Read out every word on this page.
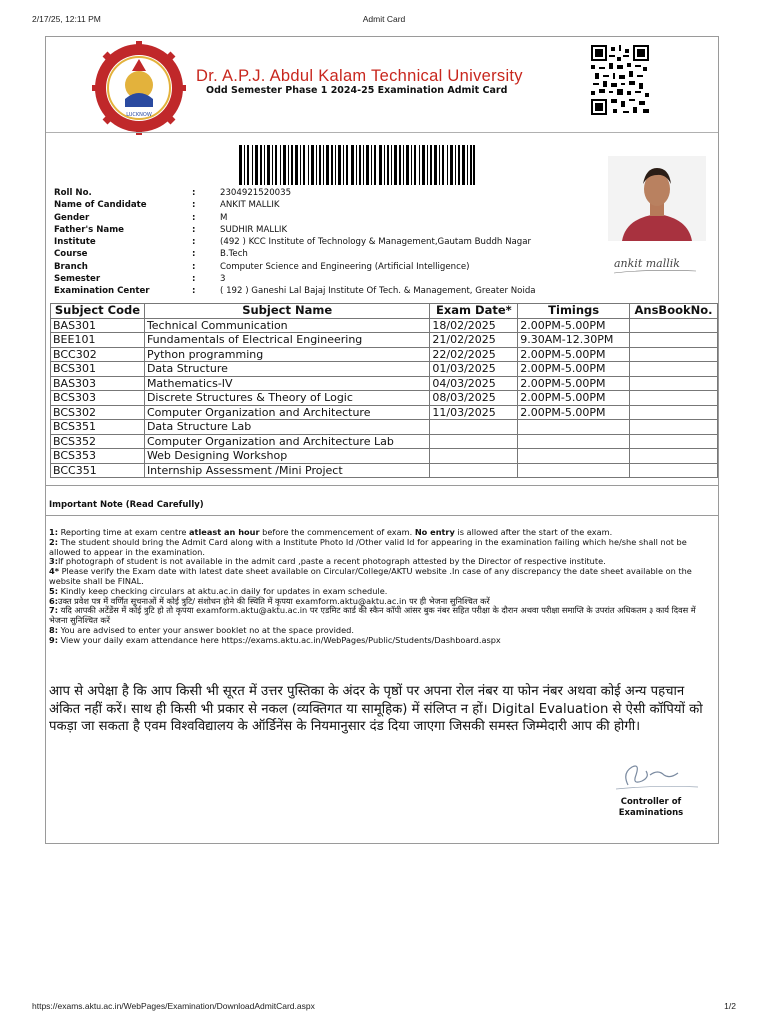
2/17/25, 12:11 PM	Admit Card
LUCKNOW
Dr. A.P.J. Abdul Kalam Technical University
Odd Semester Phase 1 2024-25 Examination Admit Card
ankit mallik
Roll No.	:	2304921520035
Name of Candidate	:	ANKIT MALLIK
Gender	:	M
Father's Name	:	SUDHIR MALLIK
Institute	:	(492 ) KCC Institute of Technology & Management,Gautam Buddh Nagar
Course	:	B.Tech
Branch	:	Computer Science and Engineering (Artificial Intelligence)
Semester	:	3
Examination Center	:	( 192 ) Ganeshi Lal Bajaj Institute Of Tech. & Management, Greater Noida
Subject Code	Subject Name	Exam Date*	Timings	AnsBookNo.
BAS301	Technical Communication	18/02/2025	2.00PM-5.00PM	
BEE101	Fundamentals of Electrical Engineering	21/02/2025	9.30AM-12.30PM	
BCC302	Python programming	22/02/2025	2.00PM-5.00PM	
BCS301	Data Structure	01/03/2025	2.00PM-5.00PM	
BAS303	Mathematics-IV	04/03/2025	2.00PM-5.00PM	
BCS303	Discrete Structures & Theory of Logic	08/03/2025	2.00PM-5.00PM	
BCS302	Computer Organization and Architecture	11/03/2025	2.00PM-5.00PM	
BCS351	Data Structure Lab			
BCS352	Computer Organization and Architecture Lab			
BCS353	Web Designing Workshop			
BCC351	Internship Assessment /Mini Project			
Important Note (Read Carefully)

1: Reporting time at exam centre atleast an hour before the commencement of exam. No entry is allowed after the start of the exam.

2: The student should bring the Admit Card along with a Institute Photo Id /Other valid Id for appearing in the examination failing which he/she shall not be allowed to appear in the examination.

3:If photograph of student is not available in the admit card ,paste a recent photograph attested by the Director of respective institute.

4* Please verify the Exam date with latest date sheet available on Circular/College/AKTU website .In case of any discrepancy the date sheet available on the website shall be FINAL.

5: Kindly keep checking circulars at aktu.ac.in daily for updates in exam schedule.

6:उक्त प्रवेश पत्र में वर्णित सूचनाओं में कोई त्रुटि/ संशोधन होने की स्थिति में कृपया examform.aktu@aktu.ac.in पर ही भेजना सुनिश्चित करें

7: यदि आपकी अटेंडेंस में कोई त्रुटि हो तो कृपया examform.aktu@aktu.ac.in पर एडमिट कार्ड की स्कैन कॉपी आंसर बुक नंबर सहित परीक्षा के दौरान अथवा परीक्षा समाप्ति के उपरांत अधिकतम ३ कार्य दिवस में भेजना सुनिश्चित करें

8: You are advised to enter your answer booklet no at the space provided.

9: View your daily exam attendance here https://exams.aktu.ac.in/WebPages/Public/Students/Dashboard.aspx

आप से अपेक्षा है कि आप किसी भी सूरत में उत्तर पुस्तिका के अंदर के पृष्ठों पर अपना रोल नंबर या फोन नंबर अथवा कोई अन्य पहचान अंकित नहीं करें। साथ ही किसी भी प्रकार से नकल (व्यक्तिगत या सामूहिक) में संलिप्त न हों। Digital Evaluation से ऐसी कॉपियों को पकड़ा जा सकता है एवम विश्वविद्यालय के ऑर्डिनेंस के नियमानुसार दंड दिया जाएगा जिसकी समस्त जिम्मेदारी आप की होगी।
Controller of
Examinations
https://exams.aktu.ac.in/WebPages/Examination/DownloadAdmitCard.aspx	1/2
